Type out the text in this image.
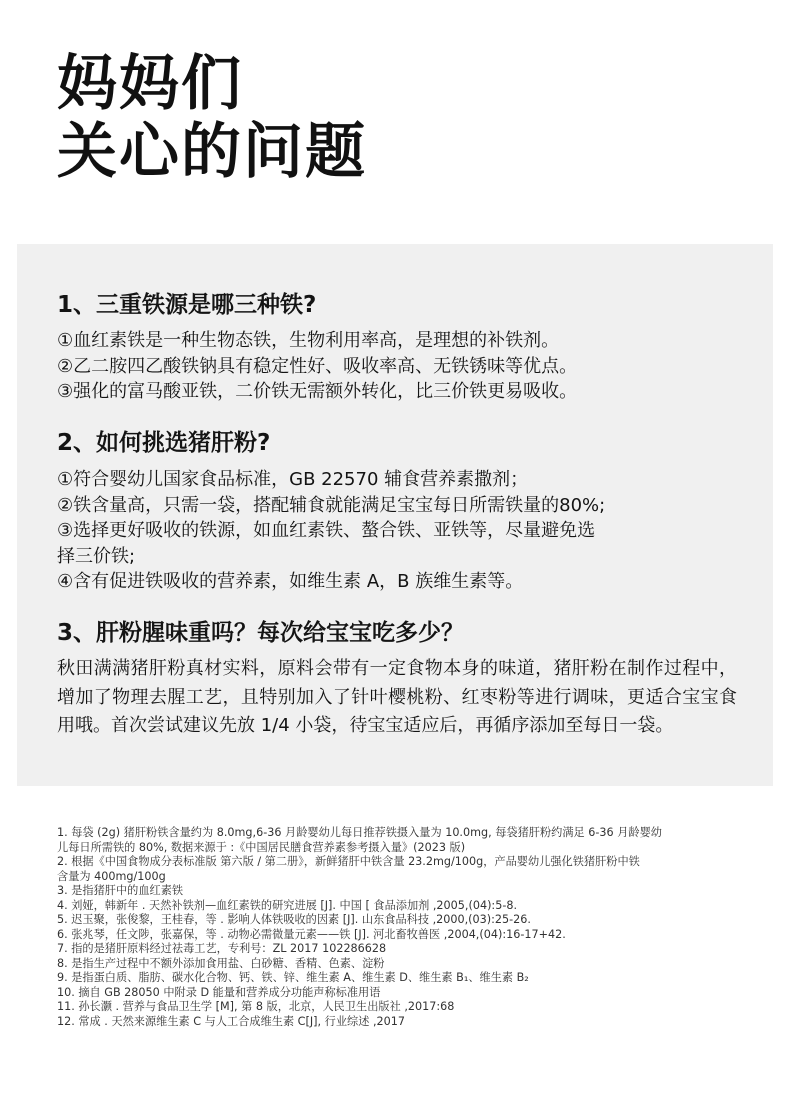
妈妈们
关心的问题
1、三重铁源是哪三种铁?
①血红素铁是一种生物态铁，生物利用率高，是理想的补铁剂。
②乙二胺四乙酸铁钠具有稳定性好、吸收率高、无铁锈味等优点。
③强化的富马酸亚铁，二价铁无需额外转化，比三价铁更易吸收。
2、如何挑选猪肝粉?
①符合婴幼儿国家食品标准，GB 22570 辅食营养素撒剂；
②铁含量高，只需一袋，搭配辅食就能满足宝宝每日所需铁量的80%;
③选择更好吸收的铁源，如血红素铁、螯合铁、亚铁等，尽量避免选
择三价铁;
④含有促进铁吸收的营养素，如维生素 A，B 族维生素等。
3、肝粉腥味重吗？每次给宝宝吃多少？

秋田满满猪肝粉真材实料，原料会带有一定食物本身的味道，猪肝粉在制作过程中，增加了物理去腥工艺，且特别加入了针叶樱桃粉、红枣粉等进行调味，更适合宝宝食用哦。首次尝试建议先放 1/4 小袋，待宝宝适应后，再循序添加至每日一袋。

1. 每袋 (2g) 猪肝粉铁含量约为 8.0mg,6-36 月龄婴幼儿每日推荐铁摄入量为 10.0mg, 每袋猪肝粉约满足 6-36 月龄婴幼
儿每日所需铁的 80%, 数据来源于 :《中国居民膳食营养素参考摄入量》(2023 版)
2. 根据《中国食物成分表标准版 第六版 / 第二册》，新鲜猪肝中铁含量 23.2mg/100g，产品婴幼儿强化铁猪肝粉中铁
含量为 400mg/100g
3. 是指猪肝中的血红素铁
4. 刘娅，韩新年 . 天然补铁剂—血红素铁的研究进展 [J]. 中国 [ 食品添加剂 ,2005,(04):5-8.
5. 迟玉聚，张俊黎，王桂春，等 . 影响人体铁吸收的因素 [J]. 山东食品科技 ,2000,(03):25-26.
6. 张兆琴，任文陟，张嘉保，等 . 动物必需微量元素——铁 [J]. 河北畜牧兽医 ,2004,(04):16-17+42.
7. 指的是猪肝原料经过祛毒工艺，专利号：ZL 2017 102286628
8. 是指生产过程中不额外添加食用盐、白砂糖、香精、色素、淀粉
9. 是指蛋白质、脂肪、碳水化合物、钙、铁、锌、维生素 A、维生素 D、维生素 B₁、维生素 B₂
10. 摘自 GB 28050 中附录 D 能量和营养成分功能声称标准用语
11. 孙长灏 . 营养与食品卫生学 [M], 第 8 版，北京，人民卫生出版社 ,2017:68
12. 常成 . 天然来源维生素 C 与人工合成维生素 C[J], 行业综述 ,2017
